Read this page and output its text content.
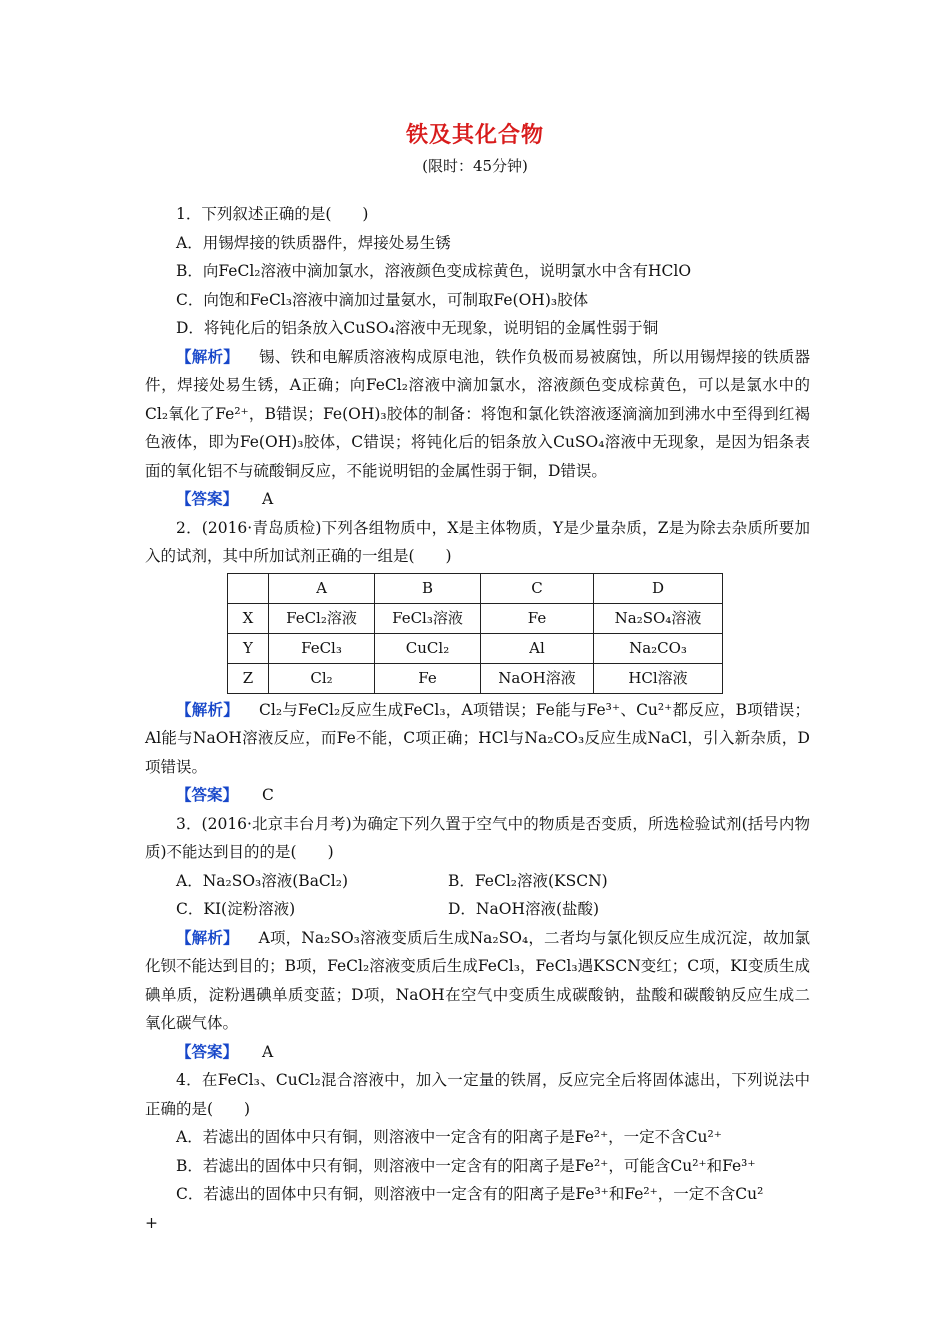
铁及其化合物
(限时：45分钟)

1．下列叙述正确的是(　　)

A．用锡焊接的铁质器件，焊接处易生锈

B．向FeCl₂溶液中滴加氯水，溶液颜色变成棕黄色，说明氯水中含有HClO

C．向饱和FeCl₃溶液中滴加过量氨水，可制取Fe(OH)₃胶体

D．将钝化后的铝条放入CuSO₄溶液中无现象，说明铝的金属性弱于铜

【解析】 锡、铁和电解质溶液构成原电池，铁作负极而易被腐蚀，所以用锡焊接的铁质器件，焊接处易生锈，A正确；向FeCl₂溶液中滴加氯水，溶液颜色变成棕黄色，可以是氯水中的Cl₂氧化了Fe²⁺，B错误；Fe(OH)₃胶体的制备：将饱和氯化铁溶液逐滴滴加到沸水中至得到红褐色液体，即为Fe(OH)₃胶体，C错误；将钝化后的铝条放入CuSO₄溶液中无现象，是因为铝条表面的氧化铝不与硫酸铜反应，不能说明铝的金属性弱于铜，D错误。

【答案】 A

2．(2016·青岛质检)下列各组物质中，X是主体物质，Y是少量杂质，Z是为除去杂质所要加入的试剂，其中所加试剂正确的一组是(　　)

	A	B	C	D
X	FeCl₂溶液	FeCl₃溶液	Fe	Na₂SO₄溶液
Y	FeCl₃	CuCl₂	Al	Na₂CO₃
Z	Cl₂	Fe	NaOH溶液	HCl溶液

【解析】 Cl₂与FeCl₂反应生成FeCl₃，A项错误；Fe能与Fe³⁺、Cu²⁺都反应，B项错误；Al能与NaOH溶液反应，而Fe不能，C项正确；HCl与Na₂CO₃反应生成NaCl，引入新杂质，D项错误。

【答案】 C

3．(2016·北京丰台月考)为确定下列久置于空气中的物质是否变质，所选检验试剂(括号内物质)不能达到目的的是(　　)

A．Na₂SO₃溶液(BaCl₂)	B．FeCl₂溶液(KSCN)
C．KI(淀粉溶液)	D．NaOH溶液(盐酸)

【解析】 A项，Na₂SO₃溶液变质后生成Na₂SO₄，二者均与氯化钡反应生成沉淀，故加氯化钡不能达到目的；B项，FeCl₂溶液变质后生成FeCl₃，FeCl₃遇KSCN变红；C项，KI变质生成碘单质，淀粉遇碘单质变蓝；D项，NaOH在空气中变质生成碳酸钠，盐酸和碳酸钠反应生成二氧化碳气体。

【答案】 A

4．在FeCl₃、CuCl₂混合溶液中，加入一定量的铁屑，反应完全后将固体滤出，下列说法中正确的是(　　)

A．若滤出的固体中只有铜，则溶液中一定含有的阳离子是Fe²⁺，一定不含Cu²⁺

B．若滤出的固体中只有铜，则溶液中一定含有的阳离子是Fe²⁺，可能含Cu²⁺和Fe³⁺

C．若滤出的固体中只有铜，则溶液中一定含有的阳离子是Fe³⁺和Fe²⁺，一定不含Cu²

+
